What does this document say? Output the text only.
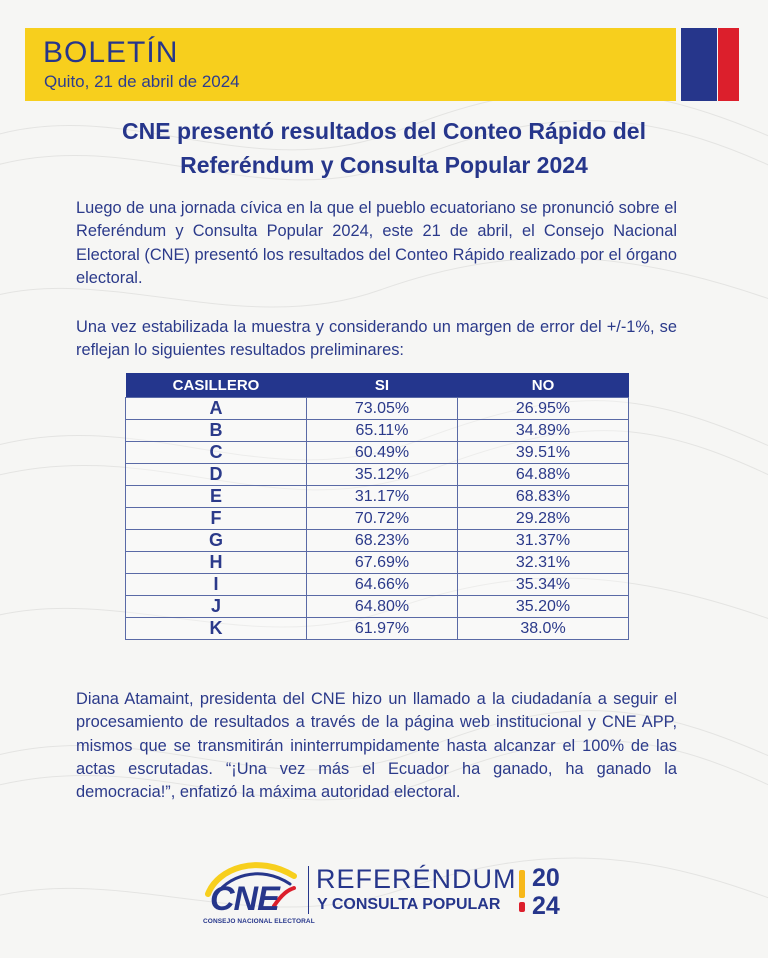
BOLETÍN
Quito, 21 de abril de 2024
CNE presentó resultados del Conteo Rápido del
Referéndum y Consulta Popular 2024
Luego de una jornada cívica en la que el pueblo ecuatoriano se pronunció sobre el Referéndum y Consulta Popular 2024, este 21 de abril, el Consejo Nacional Electoral (CNE) presentó los resultados del Conteo Rápido realizado por el órgano electoral.
Una vez estabilizada la muestra y considerando un margen de error del +/-1%, se reflejan lo siguientes resultados preliminares:
CASILLERO	SI	NO
A	73.05%	26.95%
B	65.11%	34.89%
C	60.49%	39.51%
D	35.12%	64.88%
E	31.17%	68.83%
F	70.72%	29.28%
G	68.23%	31.37%
H	67.69%	32.31%
I	64.66%	35.34%
J	64.80%	35.20%
K	61.97%	38.0%
Diana Atamaint, presidenta del CNE hizo un llamado a la ciudadanía a seguir el procesamiento de resultados a través de la página web institucional y CNE APP, mismos que se transmitirán ininterrumpidamente hasta alcanzar el 100% de las actas escrutadas. “¡Una vez más el Ecuador ha ganado, ha ganado la democracia!”, enfatizó la máxima autoridad electoral.
CNE
CONSEJO NACIONAL ELECTORAL
REFERÉNDUM
Y CONSULTA POPULAR
20
24
